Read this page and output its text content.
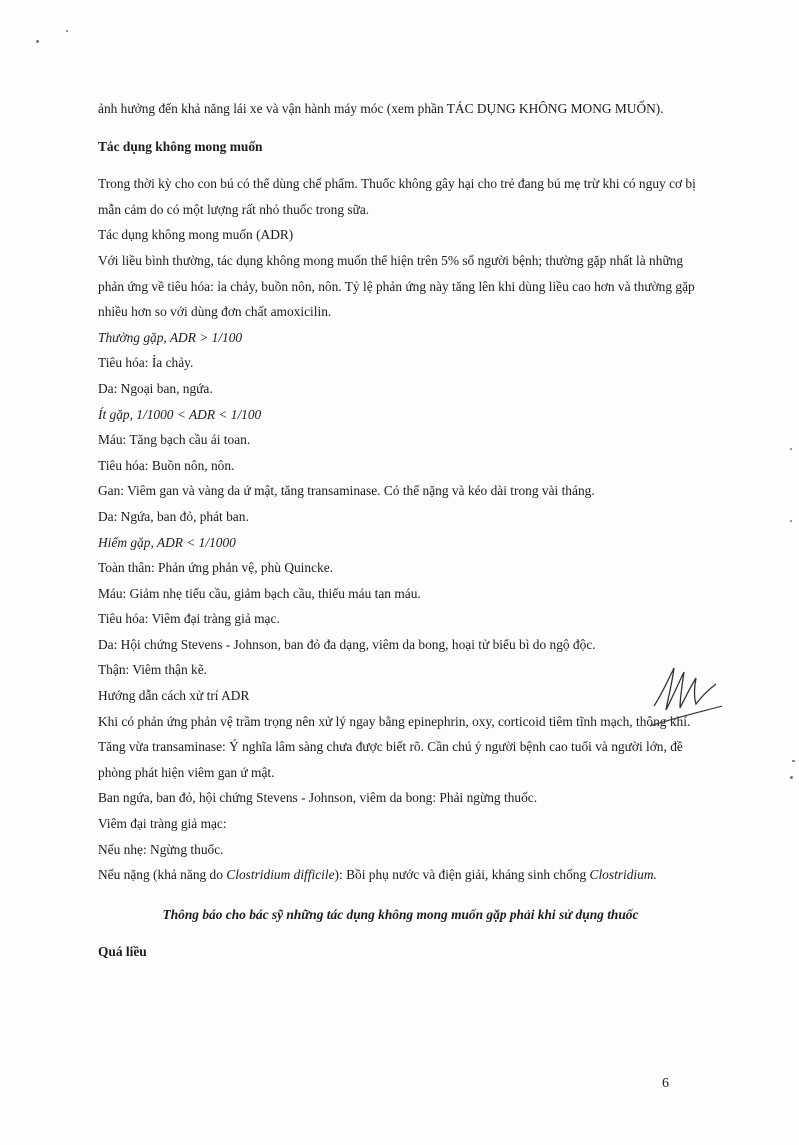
ảnh hưởng đến khả năng lái xe và vận hành máy móc (xem phần TÁC DỤNG KHÔNG MONG MUỐN).

Tác dụng không mong muốn

Trong thời kỳ cho con bú có thể dùng chế phẩm. Thuốc không gây hại cho trẻ đang bú mẹ trừ khi có nguy cơ bị mẫn cảm do có một lượng rất nhỏ thuốc trong sữa.

Tác dụng không mong muốn (ADR)

Với liều bình thường, tác dụng không mong muốn thể hiện trên 5% số người bệnh; thường gặp nhất là những phản ứng về tiêu hóa: ỉa chảy, buồn nôn, nôn. Tỷ lệ phản ứng này tăng lên khi dùng liều cao hơn và thường gặp nhiều hơn so với dùng đơn chất amoxicilin.

Thường gặp, ADR > 1/100

Tiêu hóa: Ỉa chảy.

Da: Ngoại ban, ngứa.

Ít gặp, 1/1000 < ADR < 1/100

Máu: Tăng bạch cầu ái toan.

Tiêu hóa: Buồn nôn, nôn.

Gan: Viêm gan và vàng da ứ mật, tăng transaminase. Có thể nặng và kéo dài trong vài tháng.

Da: Ngứa, ban đỏ, phát ban.

Hiếm gặp, ADR < 1/1000

Toàn thân: Phản ứng phản vệ, phù Quincke.

Máu: Giảm nhẹ tiểu cầu, giảm bạch cầu, thiếu máu tan máu.

Tiêu hóa: Viêm đại tràng giả mạc.

Da: Hội chứng Stevens - Johnson, ban đỏ đa dạng, viêm da bong, hoại tử biểu bì do ngộ độc.

Thận: Viêm thận kẽ.

Hướng dẫn cách xử trí ADR

Khi có phản ứng phản vệ trầm trọng nên xử lý ngay bằng epinephrin, oxy, corticoid tiêm tĩnh mạch, thông khí.

Tăng vừa transaminase: Ý nghĩa lâm sàng chưa được biết rõ. Cần chú ý người bệnh cao tuổi và người lớn, đề phòng phát hiện viêm gan ứ mật.

Ban ngứa, ban đỏ, hội chứng Stevens - Johnson, viêm da bong: Phải ngừng thuốc.

Viêm đại tràng giả mạc:

Nếu nhẹ: Ngừng thuốc.

Nếu nặng (khả năng do Clostridium difficile): Bồi phụ nước và điện giải, kháng sinh chống Clostridium.

Thông báo cho bác sỹ những tác dụng không mong muốn gặp phải khi sử dụng thuốc

Quá liều

6
